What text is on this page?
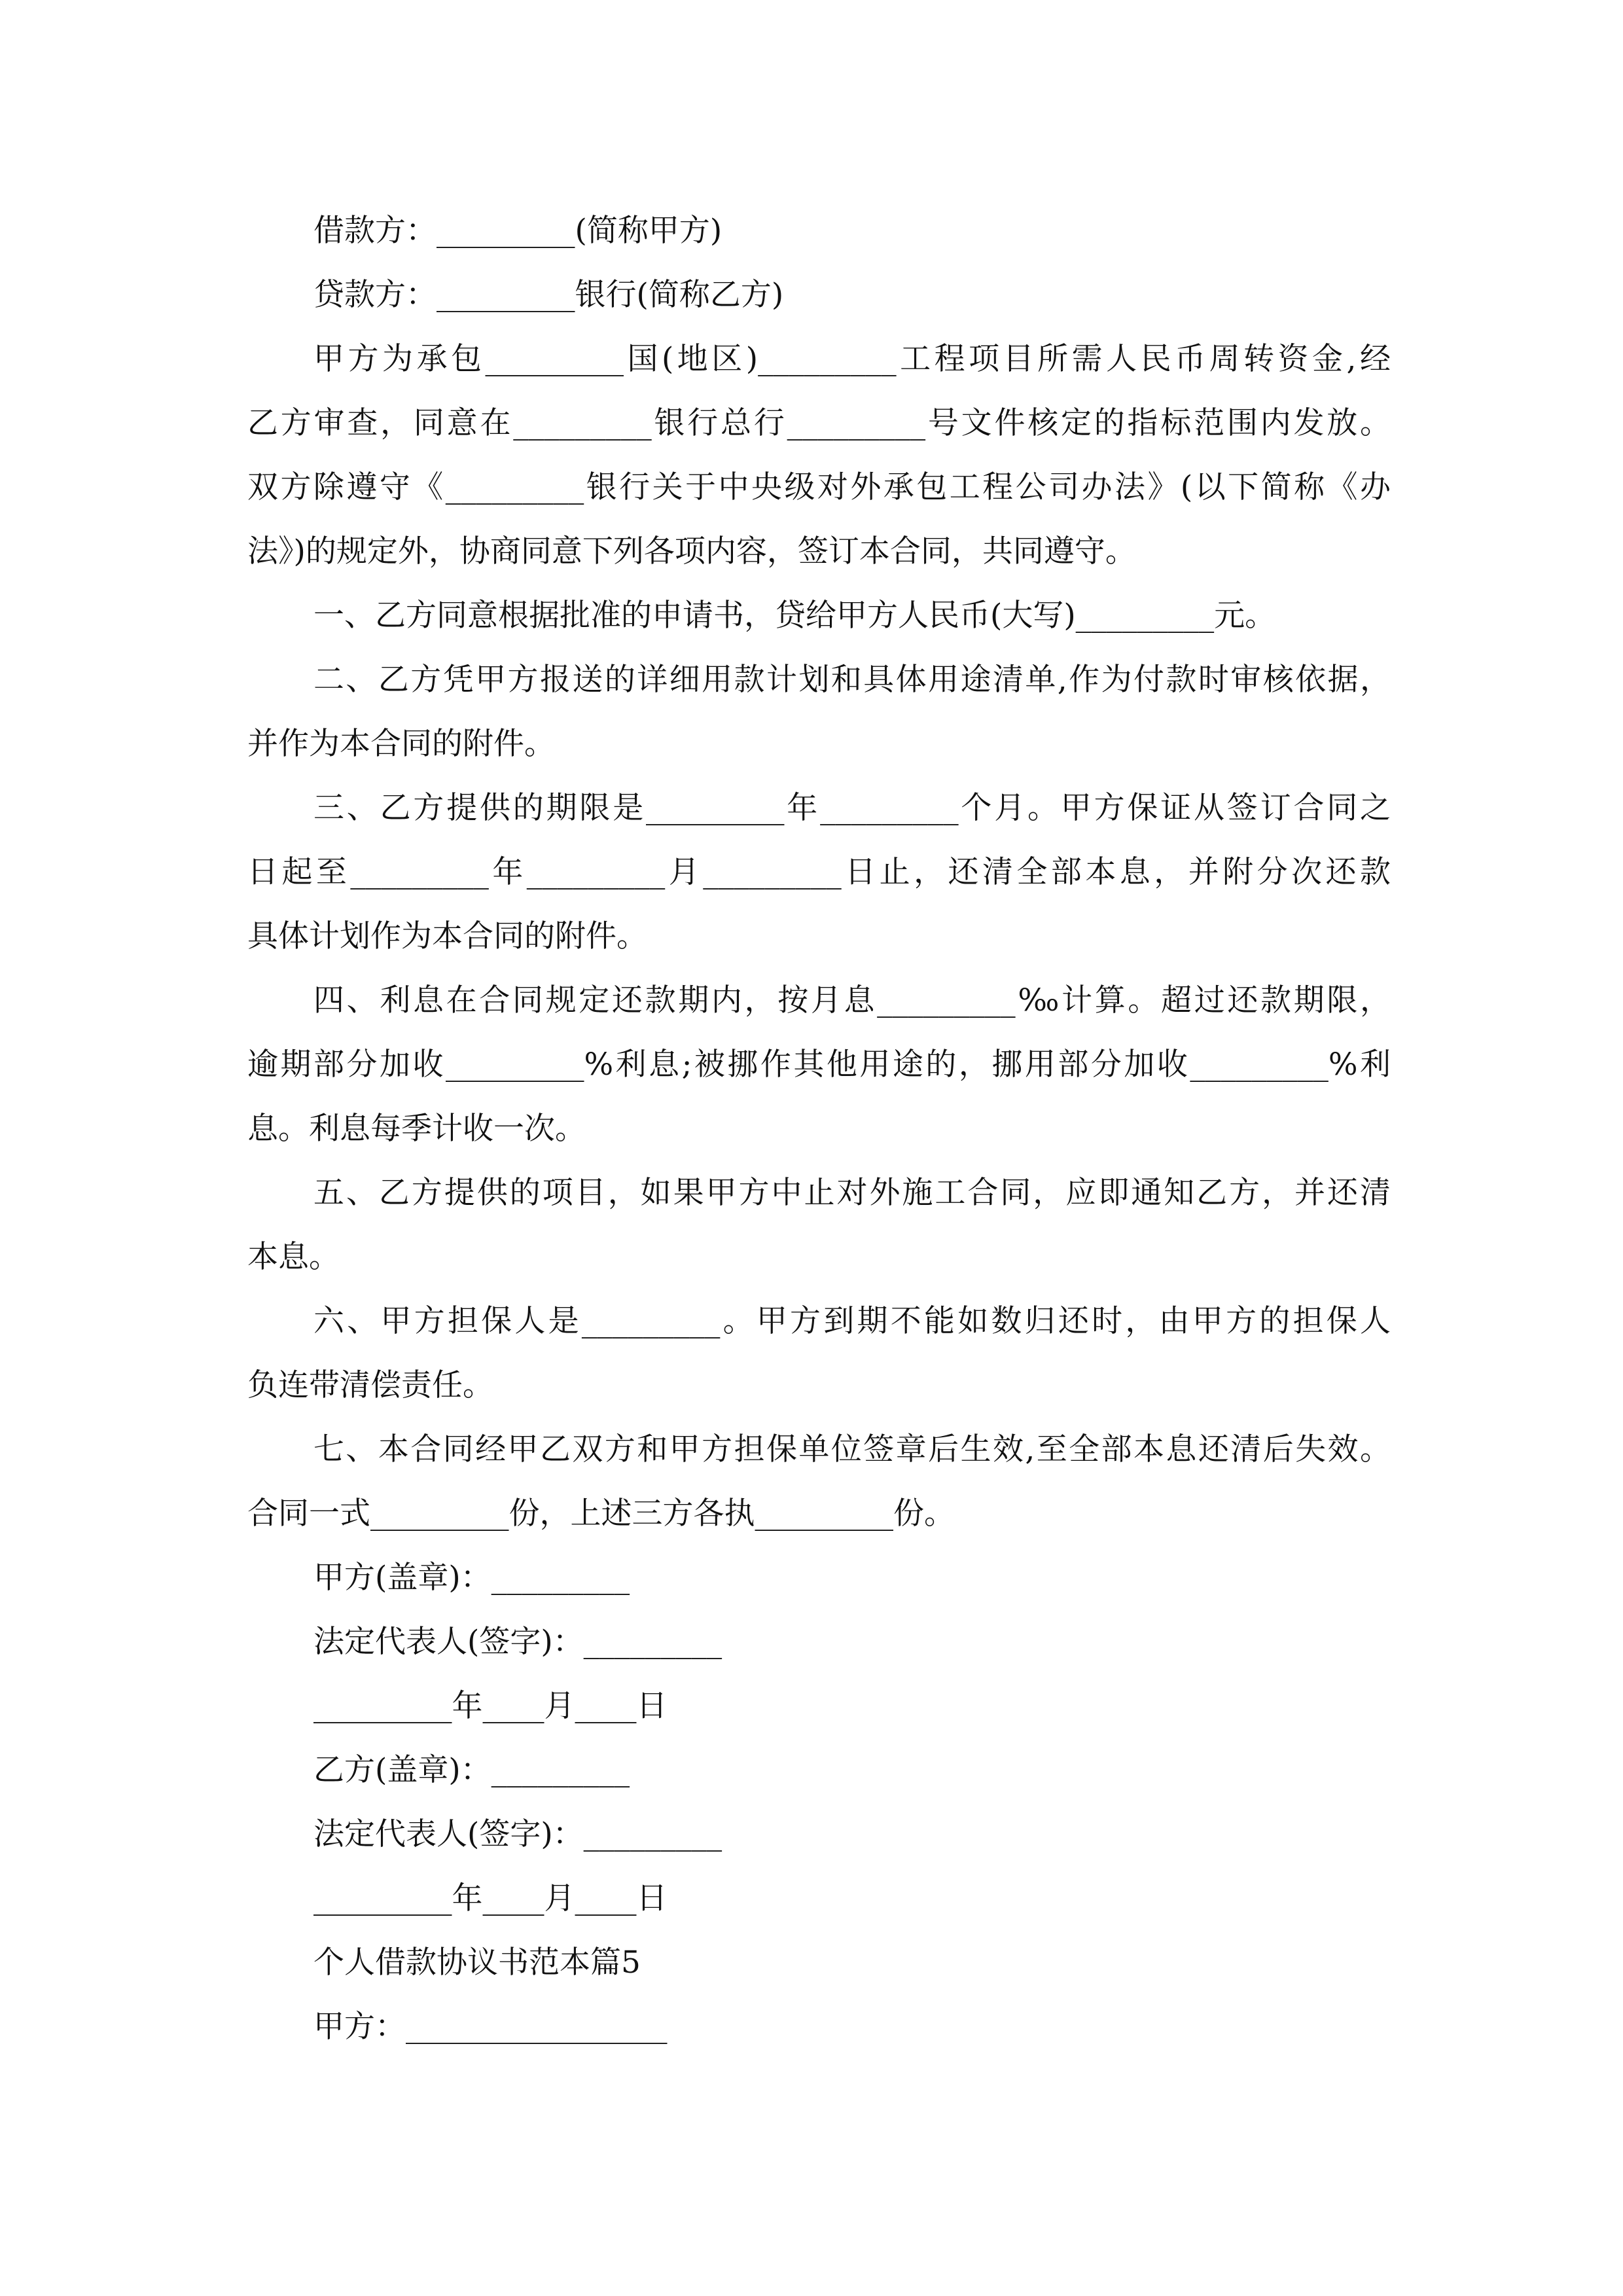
借款方：_________(简称甲方)
贷款方：_________银行(简称乙方)
甲方为承包_________国(地区)_________工程项目所需人民币周转资金,经
乙方审查，同意在_________银行总行_________号文件核定的指标范围内发放。
双方除遵守《_________银行关于中央级对外承包工程公司办法》(以下简称《办
法》)的规定外，协商同意下列各项内容，签订本合同，共同遵守。
一、乙方同意根据批准的申请书，贷给甲方人民币(大写)_________元。
二、乙方凭甲方报送的详细用款计划和具体用途清单,作为付款时审核依据，
并作为本合同的附件。
三、乙方提供的期限是_________年_________个月。甲方保证从签订合同之
日起至_________年_________月_________日止，还清全部本息，并附分次还款
具体计划作为本合同的附件。
四、利息在合同规定还款期内，按月息_________‰计算。超过还款期限，
逾期部分加收_________%利息;被挪作其他用途的，挪用部分加收_________%利
息。利息每季计收一次。
五、乙方提供的项目，如果甲方中止对外施工合同，应即通知乙方，并还清
本息。
六、甲方担保人是_________。甲方到期不能如数归还时，由甲方的担保人
负连带清偿责任。
七、本合同经甲乙双方和甲方担保单位签章后生效,至全部本息还清后失效。
合同一式_________份，上述三方各执_________份。
甲方(盖章)：_________
法定代表人(签字)：_________
_________年____月____日
乙方(盖章)：_________
法定代表人(签字)：_________
_________年____月____日
个人借款协议书范本篇5
甲方：_________________
